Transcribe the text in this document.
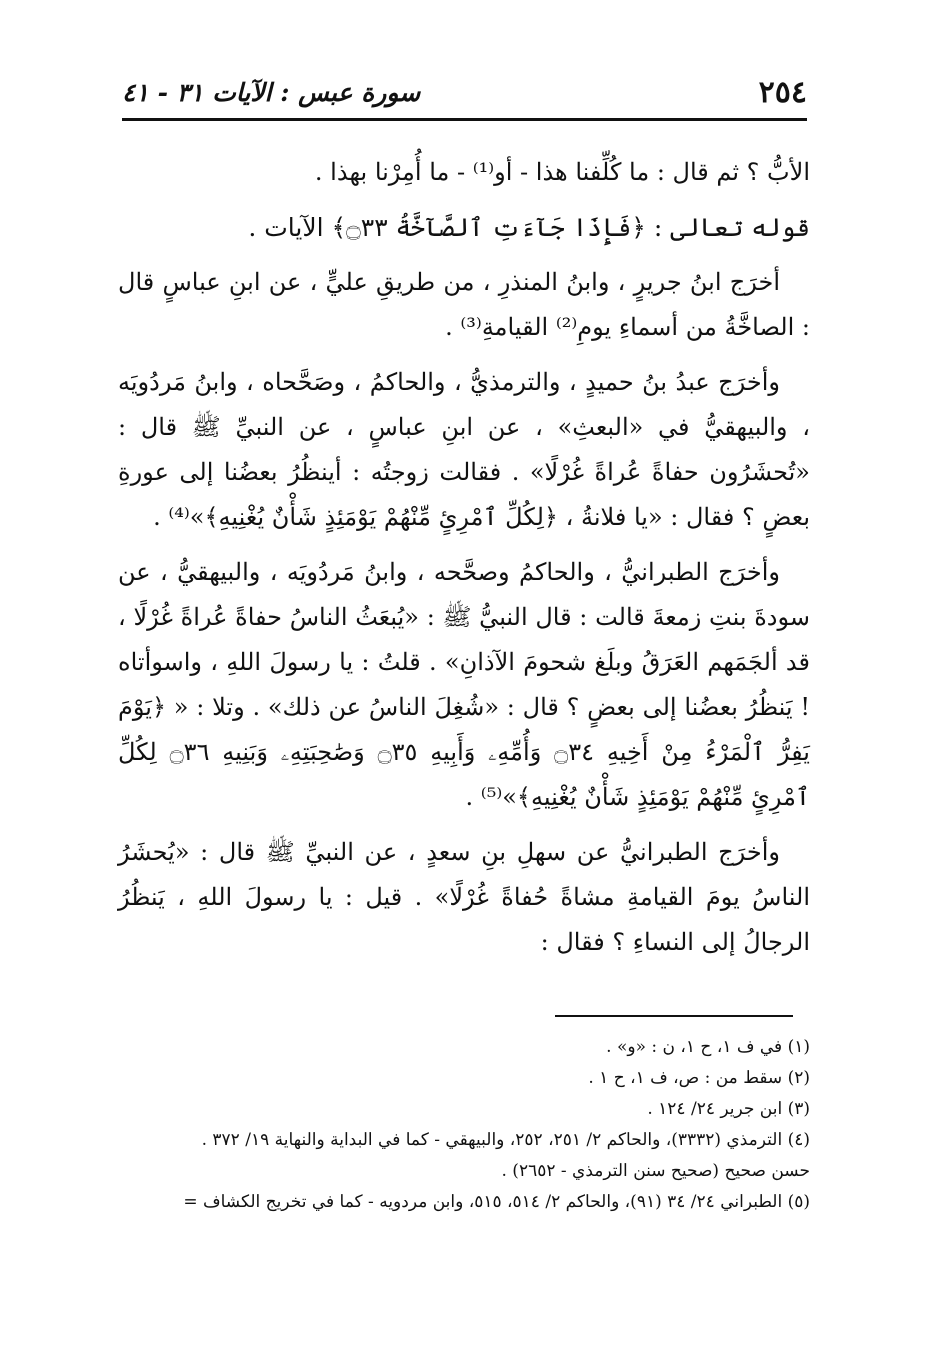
٢٥٤
سورة عبس : الآيات ٣١ - ٤١

الأبُّ ؟ ثم قال : ما كُلِّفنا هذا - أو⁽¹⁾ - ما أُمِرْنا بهذا .

قوله تعالى : ﴿فَإِذَا جَآءَتِ ٱلصَّآخَّةُ ۝٣٣﴾ الآيات .

أخرَج ابنُ جريرٍ ، وابنُ المنذرِ ، من طريقِ عليٍّ ، عن ابنِ عباسٍ قال : الصاخَّةُ من أسماءِ يومِ⁽²⁾ القيامةِ⁽³⁾ .

وأخرَج عبدُ بنُ حميدٍ ، والترمذيُّ ، والحاكمُ ، وصَحَّحاه ، وابنُ مَردُويَه ، والبيهقيُّ في «البعثِ» ، عن ابنِ عباسٍ ، عن النبيِّ ﷺ قال : «تُحشَرُون حفاةً عُراةً غُرْلًا» . فقالت زوجتُه : أينظُرُ بعضُنا إلى عورةِ بعضٍ ؟ فقال : «يا فلانةُ ، ﴿لِكُلِّ ٱمْرِئٍ مِّنْهُمْ يَوْمَئِذٍ شَأْنٌ يُغْنِيهِ﴾»⁽⁴⁾ .

وأخرَج الطبرانيُّ ، والحاكمُ وصحَّحه ، وابنُ مَردُويَه ، والبيهقيُّ ، عن سودةَ بنتِ زمعةَ قالت : قال النبيُّ ﷺ : «يُبعَثُ الناسُ حفاةً عُراةً غُرْلًا ، قد ألجَمَهم العَرَقُ وبلَغ شحومَ الآذانِ» . قلتُ : يا رسولَ اللهِ ، واسوأتاه ! يَنظُرُ بعضُنا إلى بعضٍ ؟ قال : «شُغِلَ الناسُ عن ذلك» . وتلا : « ﴿يَوْمَ يَفِرُّ ٱلْمَرْءُ مِنْ أَخِيهِ ۝٣٤ وَأُمِّهِۦ وَأَبِيهِ ۝٣٥ وَصَٰحِبَتِهِۦ وَبَنِيهِ ۝٣٦ لِكُلِّ ٱمْرِئٍ مِّنْهُمْ يَوْمَئِذٍ شَأْنٌ يُغْنِيهِ﴾»⁽⁵⁾ .

وأخرَج الطبرانيُّ عن سهلِ بنِ سعدٍ ، عن النبيِّ ﷺ قال : «يُحشَرُ الناسُ يومَ القيامةِ مشاةً حُفاةً غُرْلًا» . قيل : يا رسولَ اللهِ ، يَنظُرُ الرجالُ إلى النساءِ ؟ فقال :

(١) في ف ١، ح ١، ن : «و» .
(٢) سقط من : ص، ف ١، ح ١ .
(٣) ابن جرير ٢٤/ ١٢٤ .
(٤) الترمذي (٣٣٣٢)، والحاكم ٢/ ٢٥١، ٢٥٢، والبيهقي - كما في البداية والنهاية ١٩/ ٣٧٢ .
حسن صحيح (صحيح سنن الترمذي - ٢٦٥٢) .
(٥) الطبراني ٢٤/ ٣٤ (٩١)، والحاكم ٢/ ٥١٤، ٥١٥، وابن مردويه - كما في تخريج الكشاف =
